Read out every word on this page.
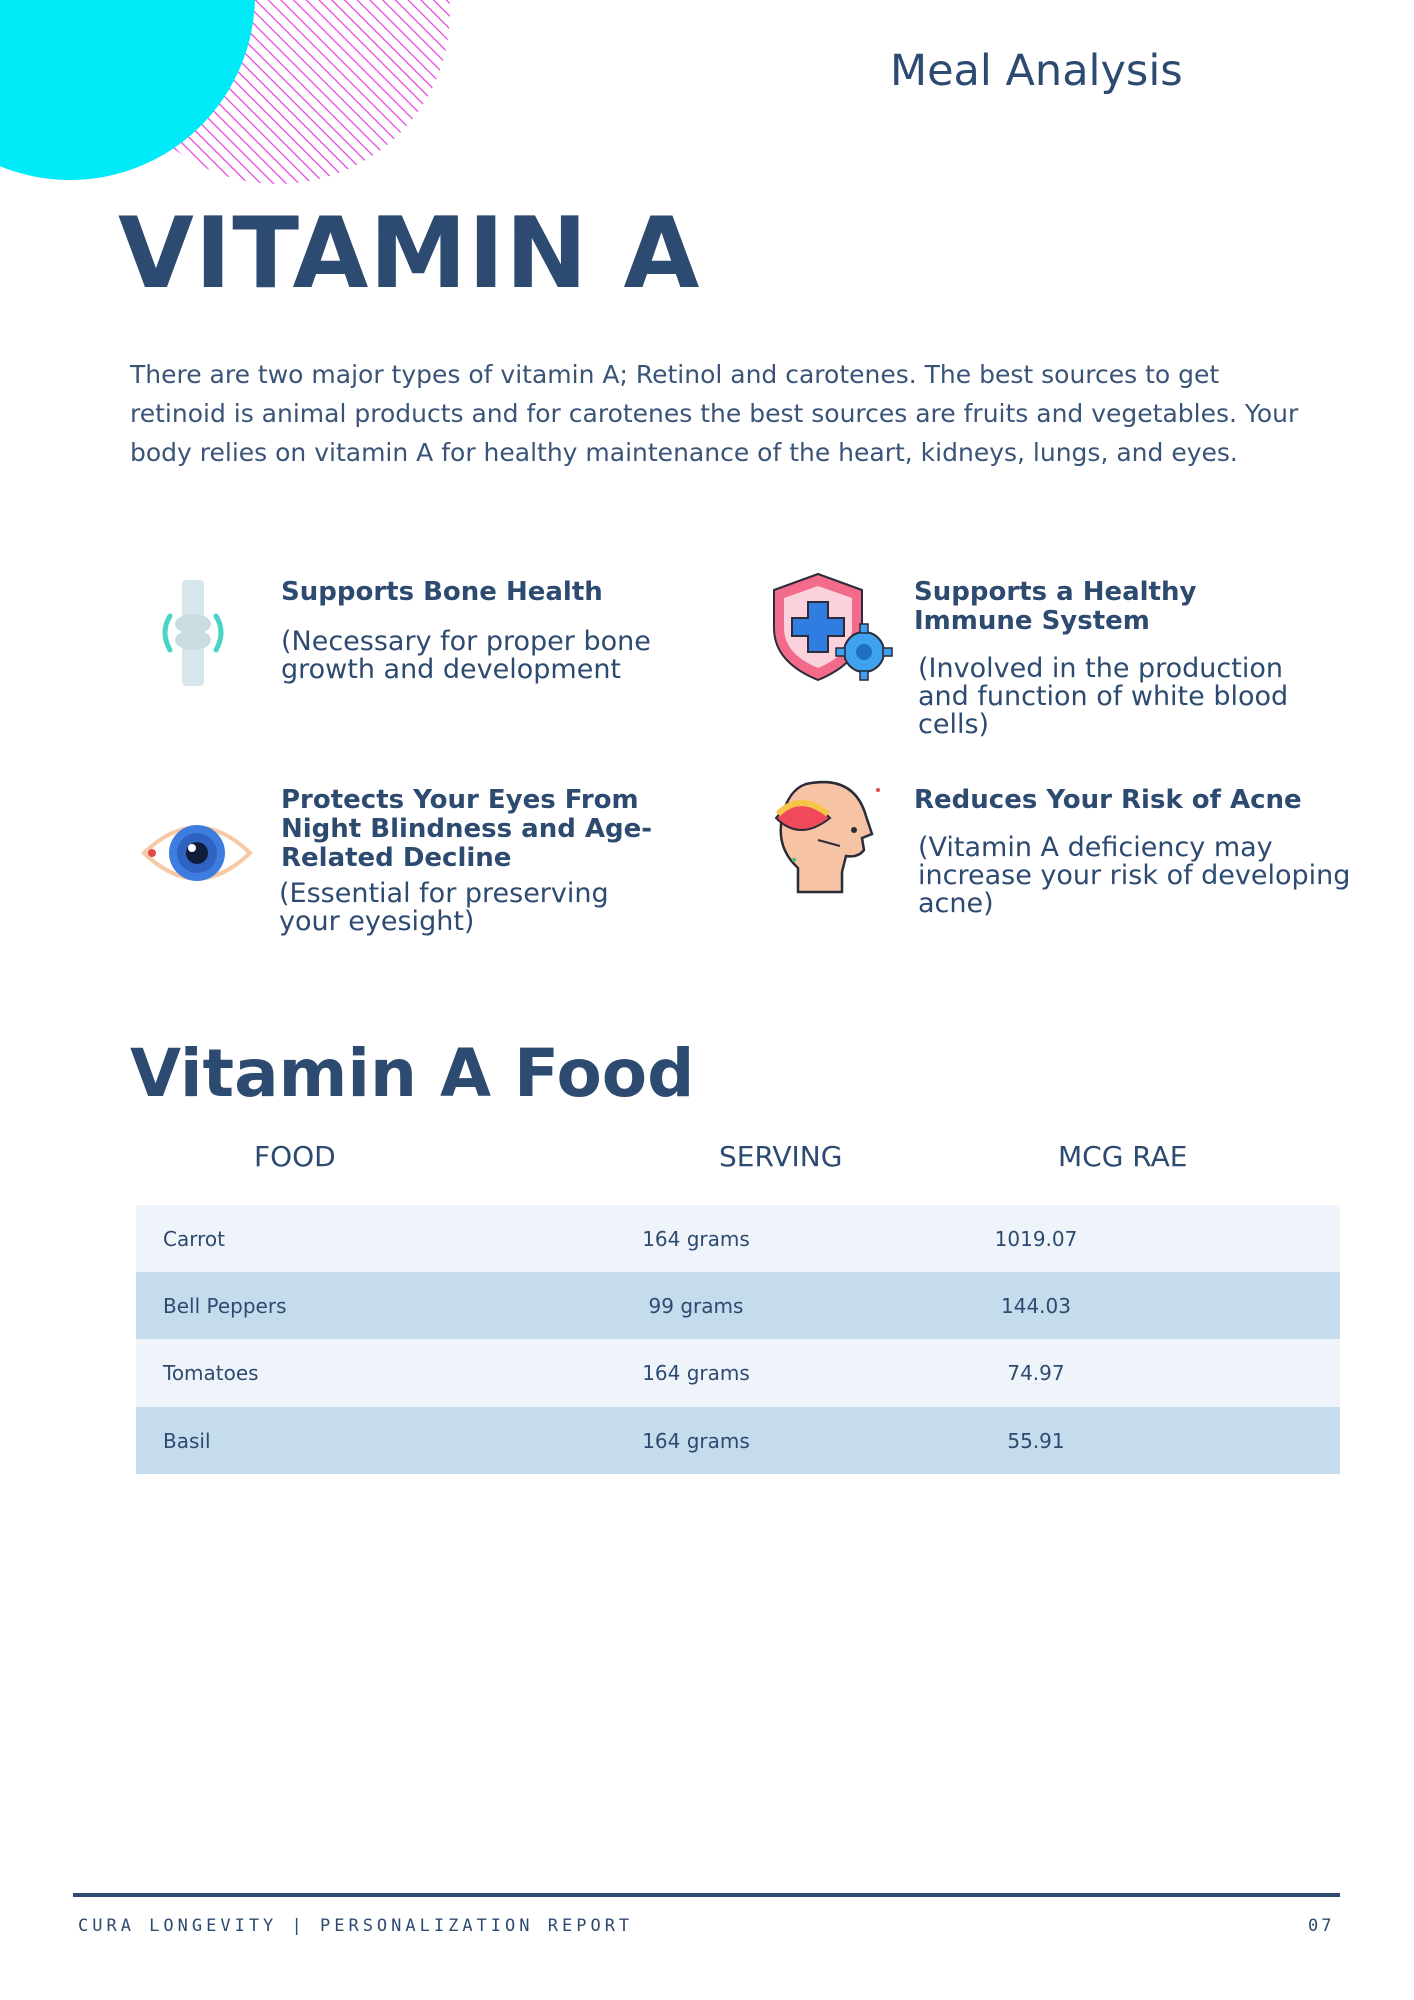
Meal Analysis
VITAMIN A
There are two major types of vitamin A; Retinol and carotenes. The best sources to get retinoid is animal products and for carotenes the best sources are fruits and vegetables. Your body relies on vitamin A for healthy maintenance of the heart, kidneys, lungs, and eyes.
Supports Bone Health
(Necessary for proper bone growth and development
Supports a Healthy Immune System
(Involved in the production and function of white blood cells)
Protects Your Eyes From Night Blindness and Age-Related Decline
(Essential for preserving your eyesight)
Reduces Your Risk of Acne
(Vitamin A deficiency may increase your risk of developing acne)
Vitamin A Food
FOOD	SERVING	MCG RAE
Carrot	164 grams	1019.07
Bell Peppers	99 grams	144.03
Tomatoes	164 grams	74.97
Basil	164 grams	55.91
CURA LONGEVITY | PERSONALIZATION REPORT	07
